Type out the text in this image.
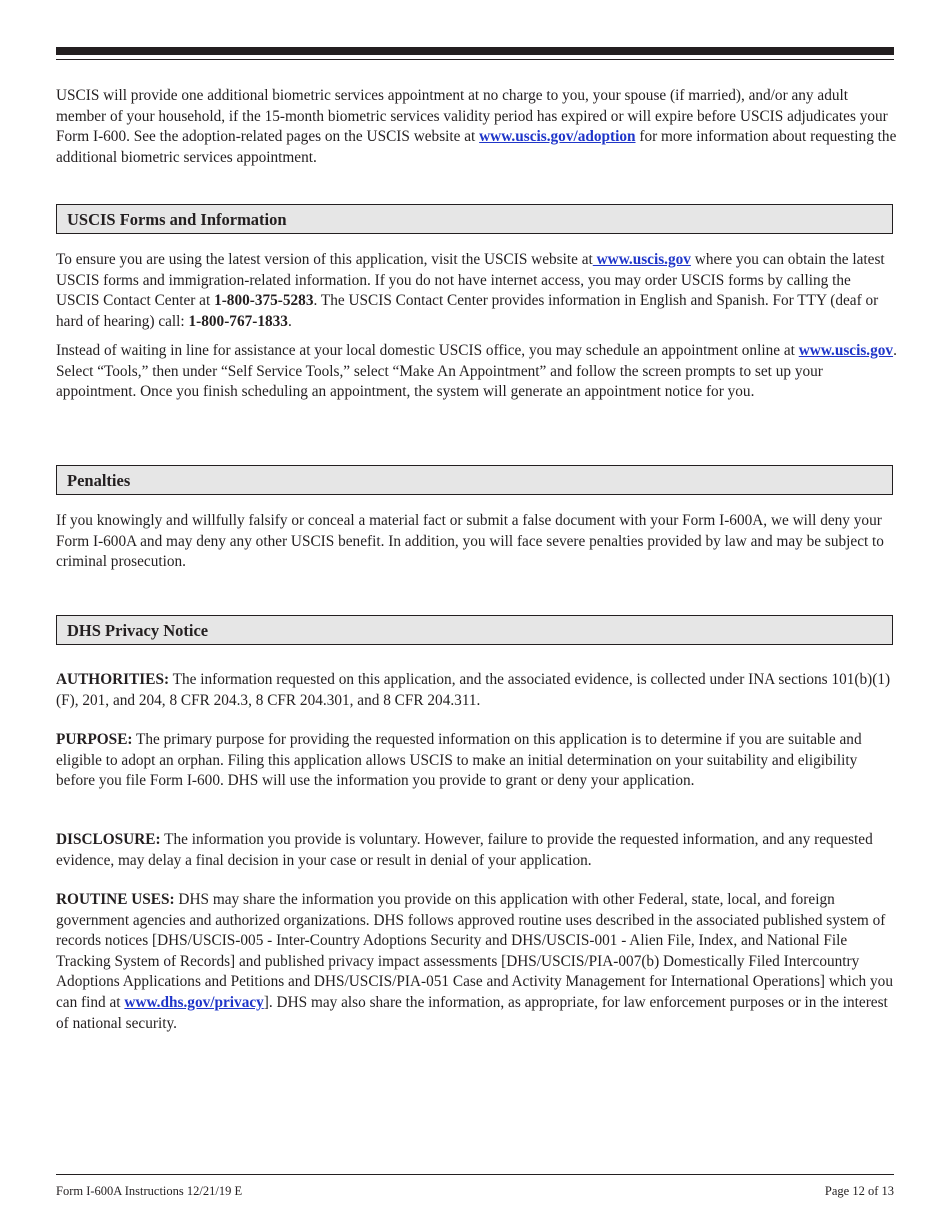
USCIS will provide one additional biometric services appointment at no charge to you, your spouse (if married), and/or any adult member of your household, if the 15-month biometric services validity period has expired or will expire before USCIS adjudicates your Form I-600. See the adoption-related pages on the USCIS website at www.uscis.gov/adoption for more information about requesting the additional biometric services appointment.

USCIS Forms and Information

To ensure you are using the latest version of this application, visit the USCIS website at www.uscis.gov where you can obtain the latest USCIS forms and immigration-related information. If you do not have internet access, you may order USCIS forms by calling the USCIS Contact Center at 1-800-375-5283. The USCIS Contact Center provides information in English and Spanish. For TTY (deaf or hard of hearing) call: 1-800-767-1833.

Instead of waiting in line for assistance at your local domestic USCIS office, you may schedule an appointment online at www.uscis.gov. Select “Tools,” then under “Self Service Tools,” select “Make An Appointment” and follow the screen prompts to set up your appointment. Once you finish scheduling an appointment, the system will generate an appointment notice for you.

Penalties

If you knowingly and willfully falsify or conceal a material fact or submit a false document with your Form I-600A, we will deny your Form I-600A and may deny any other USCIS benefit. In addition, you will face severe penalties provided by law and may be subject to criminal prosecution.

DHS Privacy Notice

AUTHORITIES: The information requested on this application, and the associated evidence, is collected under INA sections 101(b)(1)(F), 201, and 204, 8 CFR 204.3, 8 CFR 204.301, and 8 CFR 204.311.

PURPOSE: The primary purpose for providing the requested information on this application is to determine if you are suitable and eligible to adopt an orphan. Filing this application allows USCIS to make an initial determination on your suitability and eligibility before you file Form I-600. DHS will use the information you provide to grant or deny your application.

DISCLOSURE: The information you provide is voluntary. However, failure to provide the requested information, and any requested evidence, may delay a final decision in your case or result in denial of your application.

ROUTINE USES: DHS may share the information you provide on this application with other Federal, state, local, and foreign government agencies and authorized organizations. DHS follows approved routine uses described in the associated published system of records notices [DHS/USCIS-005 - Inter-Country Adoptions Security and DHS/USCIS-001 - Alien File, Index, and National File Tracking System of Records] and published privacy impact assessments [DHS/USCIS/PIA-007(b) Domestically Filed Intercountry Adoptions Applications and Petitions and DHS/USCIS/PIA-051 Case and Activity Management for International Operations] which you can find at www.dhs.gov/privacy]. DHS may also share the information, as appropriate, for law enforcement purposes or in the interest of national security.

Form I-600A Instructions 12/21/19 E	Page 12 of 13
